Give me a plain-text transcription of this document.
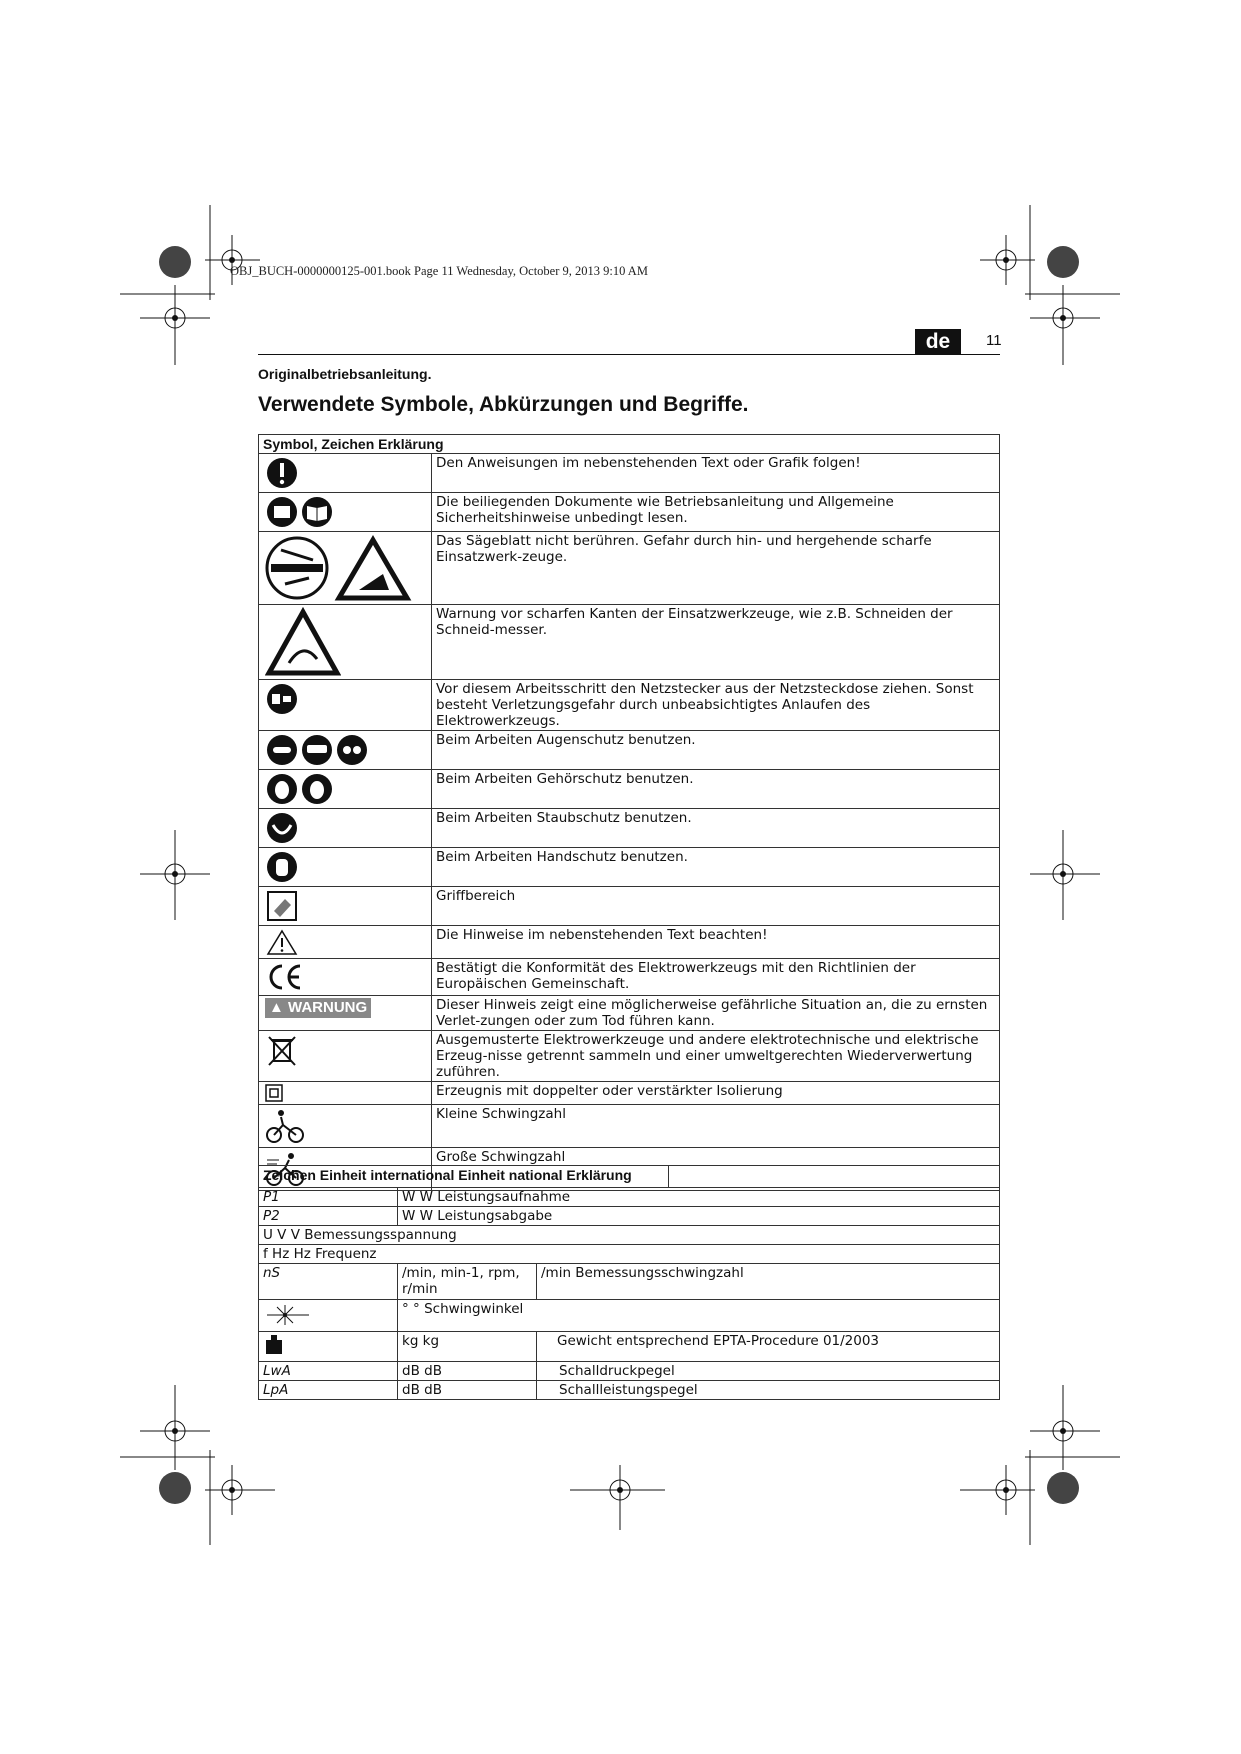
OBJ_BUCH-0000000125-001.book Page 11 Wednesday, October 9, 2013 9:10 AM
de	11
Originalbetriebsanleitung.
Verwendete Symbole, Abkürzungen und Begriffe.
Symbol, Zeichen Erklärung	

	Den Anweisungen im nebenstehenden Text oder Grafik folgen!

	Die beiliegenden Dokumente wie Betriebsanleitung und Allgemeine Sicherheitshinweise unbedingt lesen.

	Das Sägeblatt nicht berühren. Gefahr durch hin- und hergehende scharfe Einsatzwerk-zeuge.

	Warnung vor scharfen Kanten der Einsatzwerkzeuge, wie z.B. Schneiden der Schneid-messer.

	Vor diesem Arbeitsschritt den Netzstecker aus der Netzsteckdose ziehen. Sonst besteht Verletzungsgefahr durch unbeabsichtigtes Anlaufen des Elektrowerkzeugs.

	Beim Arbeiten Augenschutz benutzen.

	Beim Arbeiten Gehörschutz benutzen.

	Beim Arbeiten Staubschutz benutzen.

	Beim Arbeiten Handschutz benutzen.

	Griffbereich

	Die Hinweise im nebenstehenden Text beachten!

	Bestätigt die Konformität des Elektrowerkzeugs mit den Richtlinien der Europäischen Gemeinschaft.
▲ WARNUNG	Dieser Hinweis zeigt eine möglicherweise gefährliche Situation an, die zu ernsten Verlet-zungen oder zum Tod führen kann.

	Ausgemusterte Elektrowerkzeuge und andere elektrotechnische und elektrische Erzeug-nisse getrennt sammeln und einer umweltgerechten Wiederverwertung zuführen.

	Erzeugnis mit doppelter oder verstärkter Isolierung

	Kleine Schwingzahl

	Große Schwingzahl
Zeichen Einheit international Einheit national Erklärung			
P1	W W Leistungsaufnahme		
P2	W W Leistungsabgabe		
U V V Bemessungsspannung			
f Hz Hz Frequenz			
nS	/min, min-1, rpm, r/min	/min Bemessungsschwingzahl	

	° ° Schwingwinkel		

	kg kg	Gewicht entsprechend EPTA-Procedure 01/2003	
LwA	dB dB	Schalldruckpegel	
LpA	dB dB	Schallleistungspegel	
